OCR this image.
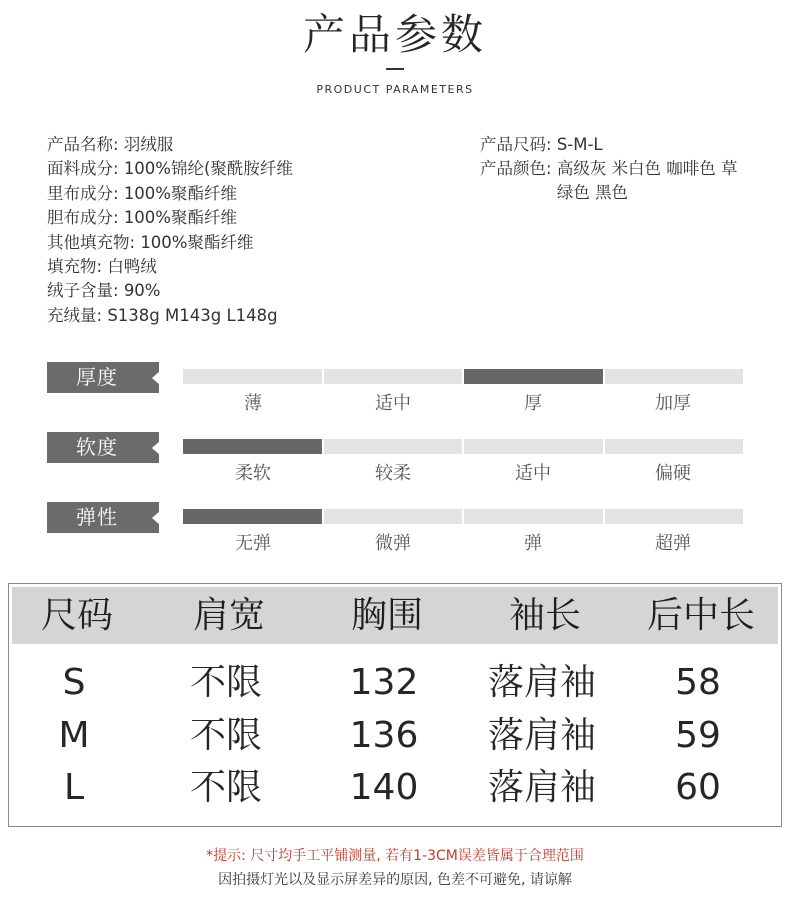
产品参数
PRODUCT PARAMETERS
产品名称: 羽绒服
面料成分: 100%锦纶(聚酰胺纤维
里布成分: 100%聚酯纤维
胆布成分: 100%聚酯纤维
其他填充物: 100%聚酯纤维
填充物: 白鸭绒
绒子含量: 90%
充绒量: S138g M143g L148g
产品尺码: S-M-L
产品颜色: 高级灰 米白色 咖啡色 草绿色 黑色
厚度
薄	适中	厚	加厚
软度
柔软	较柔	适中	偏硬
弹性
无弹	微弹	弹	超弹
尺码	肩宽	胸围	袖长	后中长
S	不限	132	落肩袖	58
M	不限	136	落肩袖	59
L	不限	140	落肩袖	60
*提示: 尺寸均手工平铺测量, 若有1-3CM误差皆属于合理范围
因拍摄灯光以及显示屏差异的原因, 色差不可避免, 请谅解
